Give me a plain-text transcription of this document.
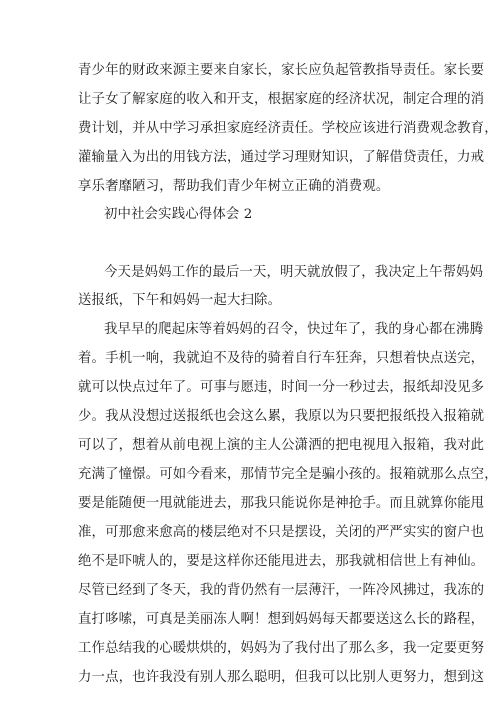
青少年的财政来源主要来自家长，家长应负起管教指导责任。家长要
让子女了解家庭的收入和开支，根据家庭的经济状况，制定合理的消
费计划，并从中学习承担家庭经济责任。学校应该进行消费观念教育，
灌输量入为出的用钱方法，通过学习理财知识，了解借贷责任，力戒
享乐奢靡陋习，帮助我们青少年树立正确的消费观。
初中社会实践心得体会 2
今天是妈妈工作的最后一天，明天就放假了，我决定上午帮妈妈
送报纸，下午和妈妈一起大扫除。
我早早的爬起床等着妈妈的召令，快过年了，我的身心都在沸腾
着。手机一响，我就迫不及待的骑着自行车狂奔，只想着快点送完，
就可以快点过年了。可事与愿违，时间一分一秒过去，报纸却没见多
少。我从没想过送报纸也会这么累，我原以为只要把报纸投入报箱就
可以了，想着从前电视上演的主人公潇洒的把电视甩入报箱，我对此
充满了憧憬。可如今看来，那情节完全是骗小孩的。报箱就那么点空，
要是能随便一甩就能进去，那我只能说你是神抢手。而且就算你能甩
准，可那愈来愈高的楼层绝对不只是摆设，关闭的严严实实的窗户也
绝不是吓唬人的，要是这样你还能甩进去，那我就相信世上有神仙。
尽管已经到了冬天，我的背仍然有一层薄汗，一阵冷风拂过，我冻的
直打哆嗦，可真是美丽冻人啊！想到妈妈每天都要送这么长的路程，
工作总结我的心暖烘烘的，妈妈为了我付出了那么多，我一定要更努
力一点，也许我没有别人那么聪明，但我可以比别人更努力，想到这
